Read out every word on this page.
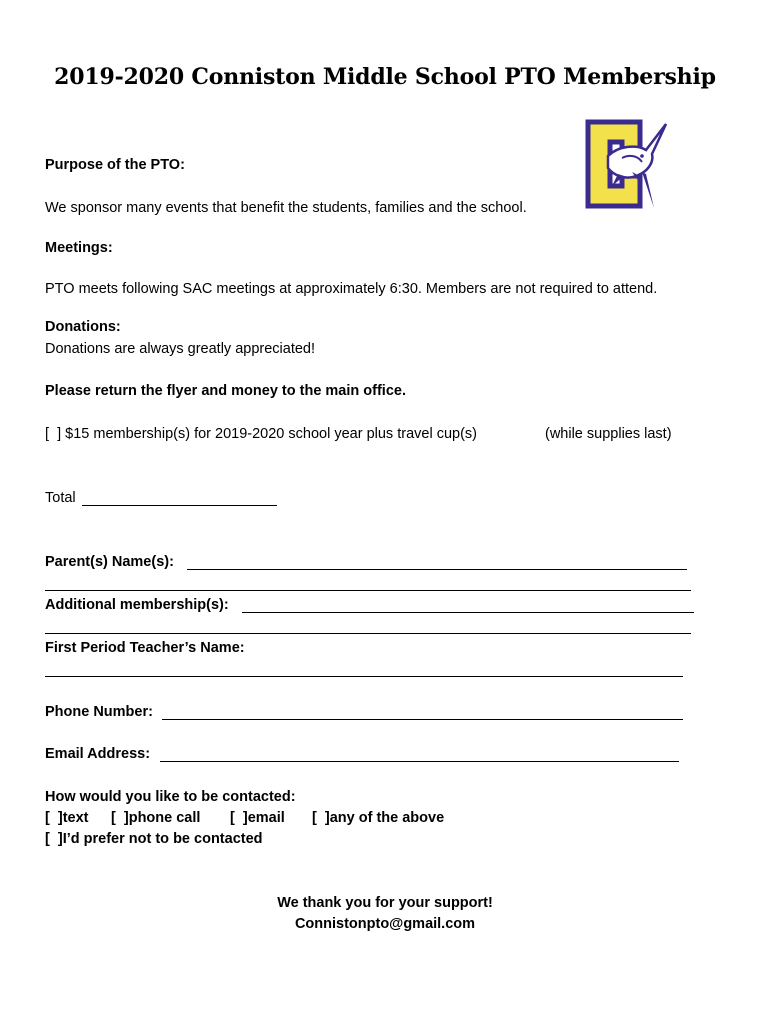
2019-2020 Conniston Middle School PTO Membership
Purpose of the PTO:
We sponsor many events that benefit the students, families and the school.
Meetings:
PTO meets following SAC meetings at approximately 6:30. Members are not required to attend.
Donations:
Donations are always greatly appreciated!
Please return the flyer and money to the main office.
[  ] $15 membership(s) for 2019-2020 school year plus travel cup(s)	(while supplies last)
Total
Parent(s) Name(s):
Additional membership(s):
First Period Teacher’s Name:
Phone Number:
Email Address:
How would you like to be contacted:
[  ]text [  ]phone call [  ]email [  ]any of the above
[  ]I’d prefer not to be contacted
We thank you for your support!
Connistonpto@gmail.com
